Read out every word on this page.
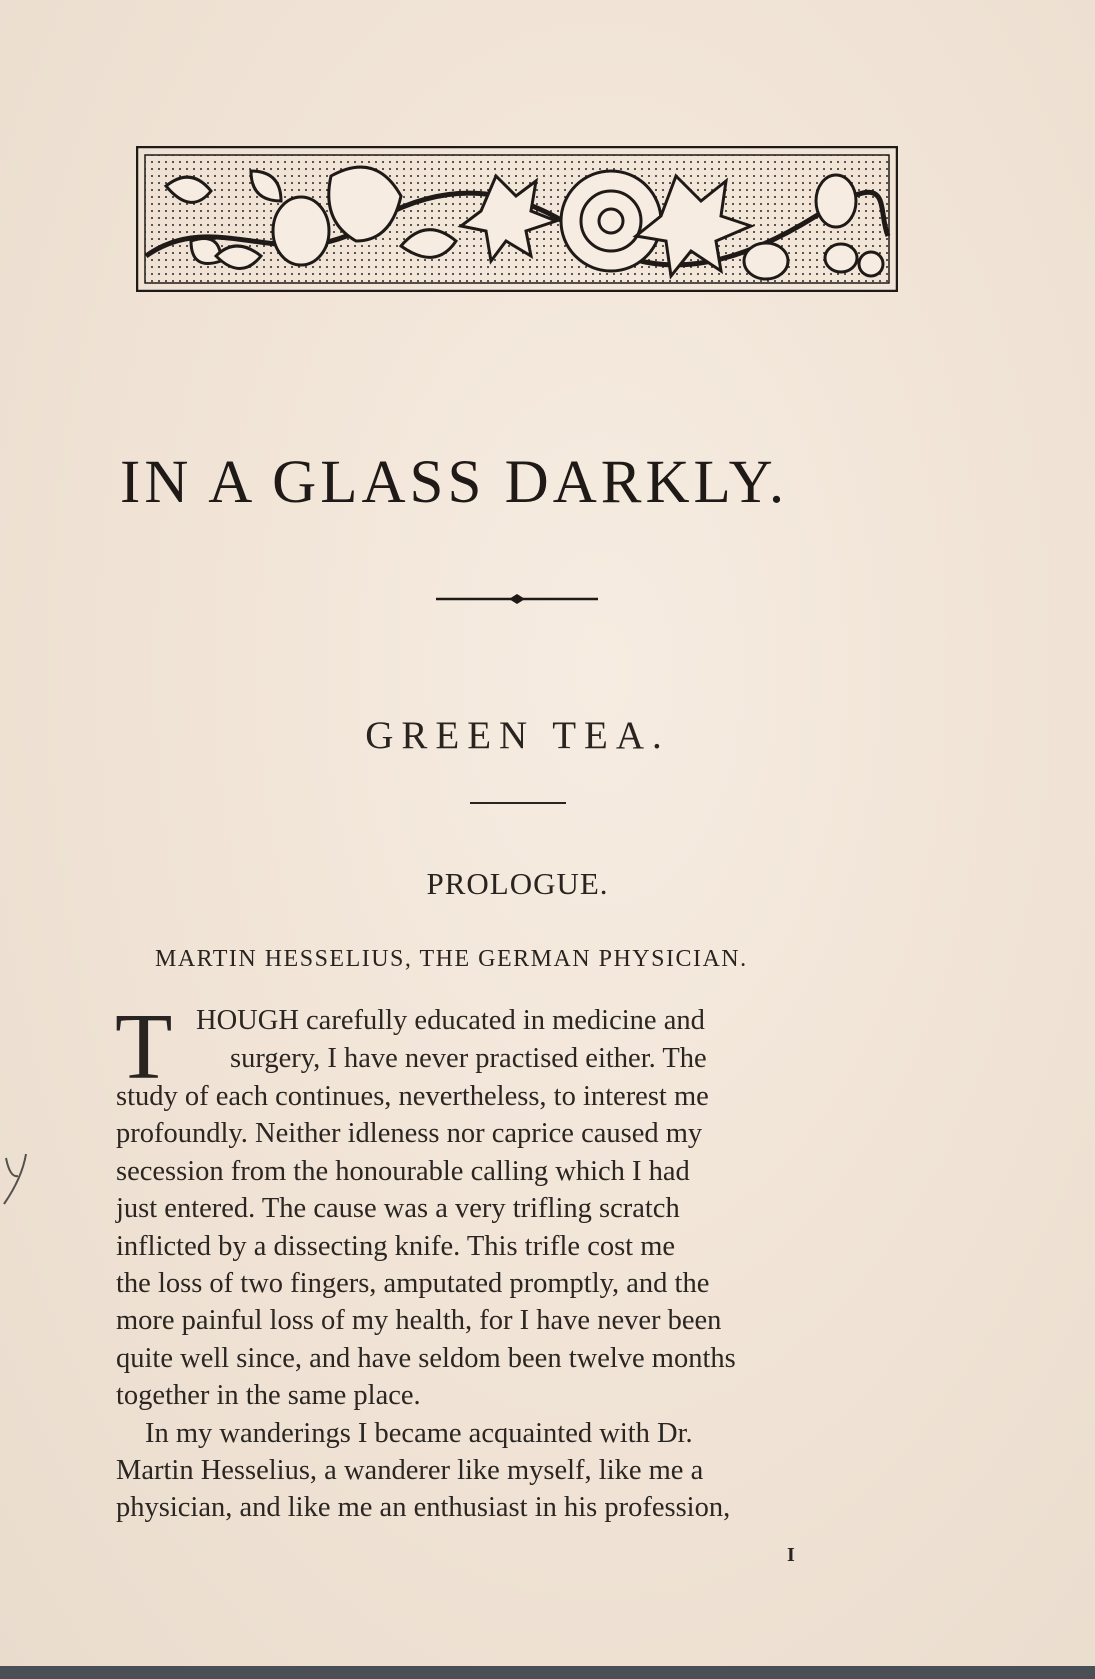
IN A GLASS DARKLY.
GREEN TEA.
PROLOGUE.
MARTIN HESSELIUS, THE GERMAN PHYSICIAN.
T HOUGH carefully educated in medicine and
surgery, I have never practised either. The
study of each continues, nevertheless, to interest me
profoundly. Neither idleness nor caprice caused my
secession from the honourable calling which I had
just entered. The cause was a very trifling scratch
inflicted by a dissecting knife. This trifle cost me
the loss of two fingers, amputated promptly, and the
more painful loss of my health, for I have never been
quite well since, and have seldom been twelve months
together in the same place.
In my wanderings I became acquainted with Dr.
Martin Hesselius, a wanderer like myself, like me a
physician, and like me an enthusiast in his profession,
I
